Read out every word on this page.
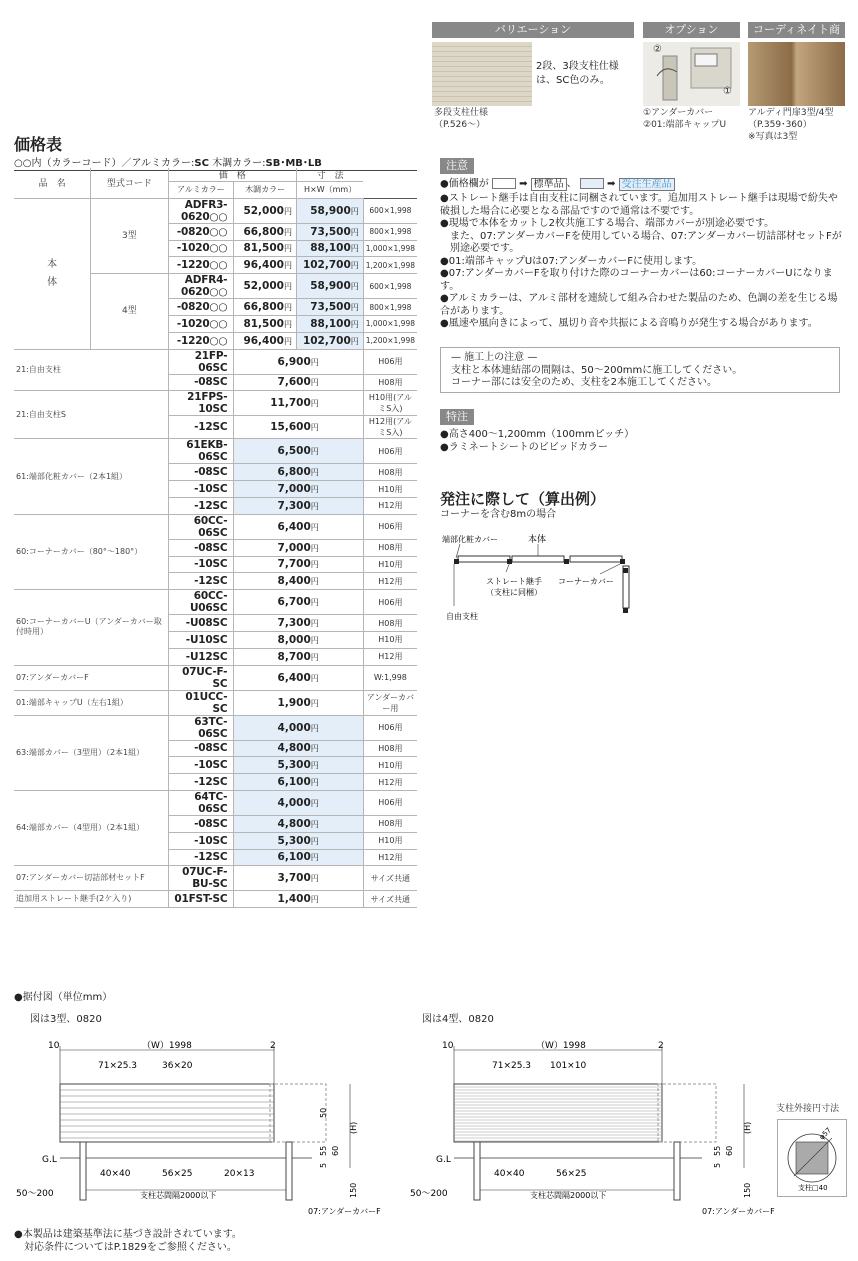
バリエーション	オプション	コーディネイト商
2段、3段支柱仕様は、SC色のみ。
多段支柱仕様
（P.526〜）
②
①
①アンダーカバー
②01:端部キャップU
アルディ門扉3型/4型
（P.359･360）
※写真は3型
価格表
○○内（カラーコード）／アルミカラー:SC 木調カラー:SB･MB･LB
品　名	型式コード	価　格		寸　法	
		アルミカラー	木調カラー	H×W（mm）	

本
体	3型	ADFR3-0620○○	52,000円	58,900円	600×1,998
		-0820○○	66,800円	73,500円	800×1,998
		-1020○○	81,500円	88,100円	1,000×1,998
		-1220○○	96,400円	102,700円	1,200×1,998
	4型	ADFR4-0620○○	52,000円	58,900円	600×1,998
		-0820○○	66,800円	73,500円	800×1,998
		-1020○○	81,500円	88,100円	1,000×1,998
		-1220○○	96,400円	102,700円	1,200×1,998
21:自由支柱		21FP-06SC	6,900円		H06用
		-08SC	7,600円		H08用
21:自由支柱S		21FPS-10SC	11,700円		H10用(アルミS入)
		-12SC	15,600円		H12用(アルミS入)
61:端部化粧カバー（2本1組）		61EKB-06SC	6,500円		H06用
		-08SC	6,800円		H08用
		-10SC	7,000円		H10用
		-12SC	7,300円		H12用
60:コーナーカバー（80°〜180°）		60CC-06SC	6,400円		H06用
		-08SC	7,000円		H08用
		-10SC	7,700円		H10用
		-12SC	8,400円		H12用
60:コーナーカバーU（アンダーカバー取付時用）		60CC-U06SC	6,700円		H06用
		-U08SC	7,300円		H08用
		-U10SC	8,000円		H10用
		-U12SC	8,700円		H12用
07:アンダーカバーF		07UC-F-SC	6,400円		W:1,998
01:端部キャップU（左右1組）		01UCC-SC	1,900円		アンダーカバー用
63:端部カバー（3型用）（2本1組）		63TC-06SC	4,000円		H06用
		-08SC	4,800円		H08用
		-10SC	5,300円		H10用
		-12SC	6,100円		H12用
64:端部カバー（4型用）（2本1組）		64TC-06SC	4,000円		H06用
		-08SC	4,800円		H08用
		-10SC	5,300円		H10用
		-12SC	6,100円		H12用
07:アンダーカバー切詰部材セットF		07UC-F-BU-SC	3,700円		サイズ共通
追加用ストレート継手(2ケ入り)		01FST-SC	1,400円		サイズ共通
注意
●価格欄が	➡ 標準品 、	➡ 受注生産品
●ストレート継手は自由支柱に同梱されています。追加用ストレート継手は現場で紛失や破損した場合に必要となる部品ですので通常は不要です。
●現場で本体をカットし2枚共施工する場合、端部カバーが別途必要です。
また、07:アンダーカバーFを使用している場合、07:アンダーカバー切詰部材セットFが別途必要です。
●01:端部キャップUは07:アンダーカバーFに使用します。
●07:アンダーカバーFを取り付けた際のコーナーカバーは60:コーナーカバーUになります。
●アルミカラーは、アルミ部材を連続して組み合わせた製品のため、色調の差を生じる場合があります。
●風速や風向きによって、風切り音や共振による音鳴りが発生する場合があります。
— 施工上の注意 —
支柱と本体連結部の間隔は、50〜200mmに施工してください。
コーナー部には安全のため、支柱を2本施工してください。
特注
●高さ400〜1,200mm（100mmピッチ）
●ラミネートシートのビビッドカラー
発注に際して（算出例）
コーナーを含む8mの場合
端部化粧カバー	本体
ストレート継手
（支柱に同梱）
コーナーカバー
自由支柱
●据付図（単位mm）
図は3型、0820	図は4型、0820
10	（W）1998	2
71×25.3	36×20
50
(H)
55 60
5
150
G.L
40×40	56×25	20×13
50〜200	支柱芯間隔2000以下
07:アンダーカバーF
10	（W）1998	2
71×25.3 101×10
(H)
55 60
5
150
G.L
40×40	56×25
50〜200	支柱芯間隔2000以下
07:アンダーカバーF
支柱外接円寸法
φ57
支柱□40
●本製品は建築基準法に基づき設計されています。
対応条件についてはP.1829をご参照ください。
